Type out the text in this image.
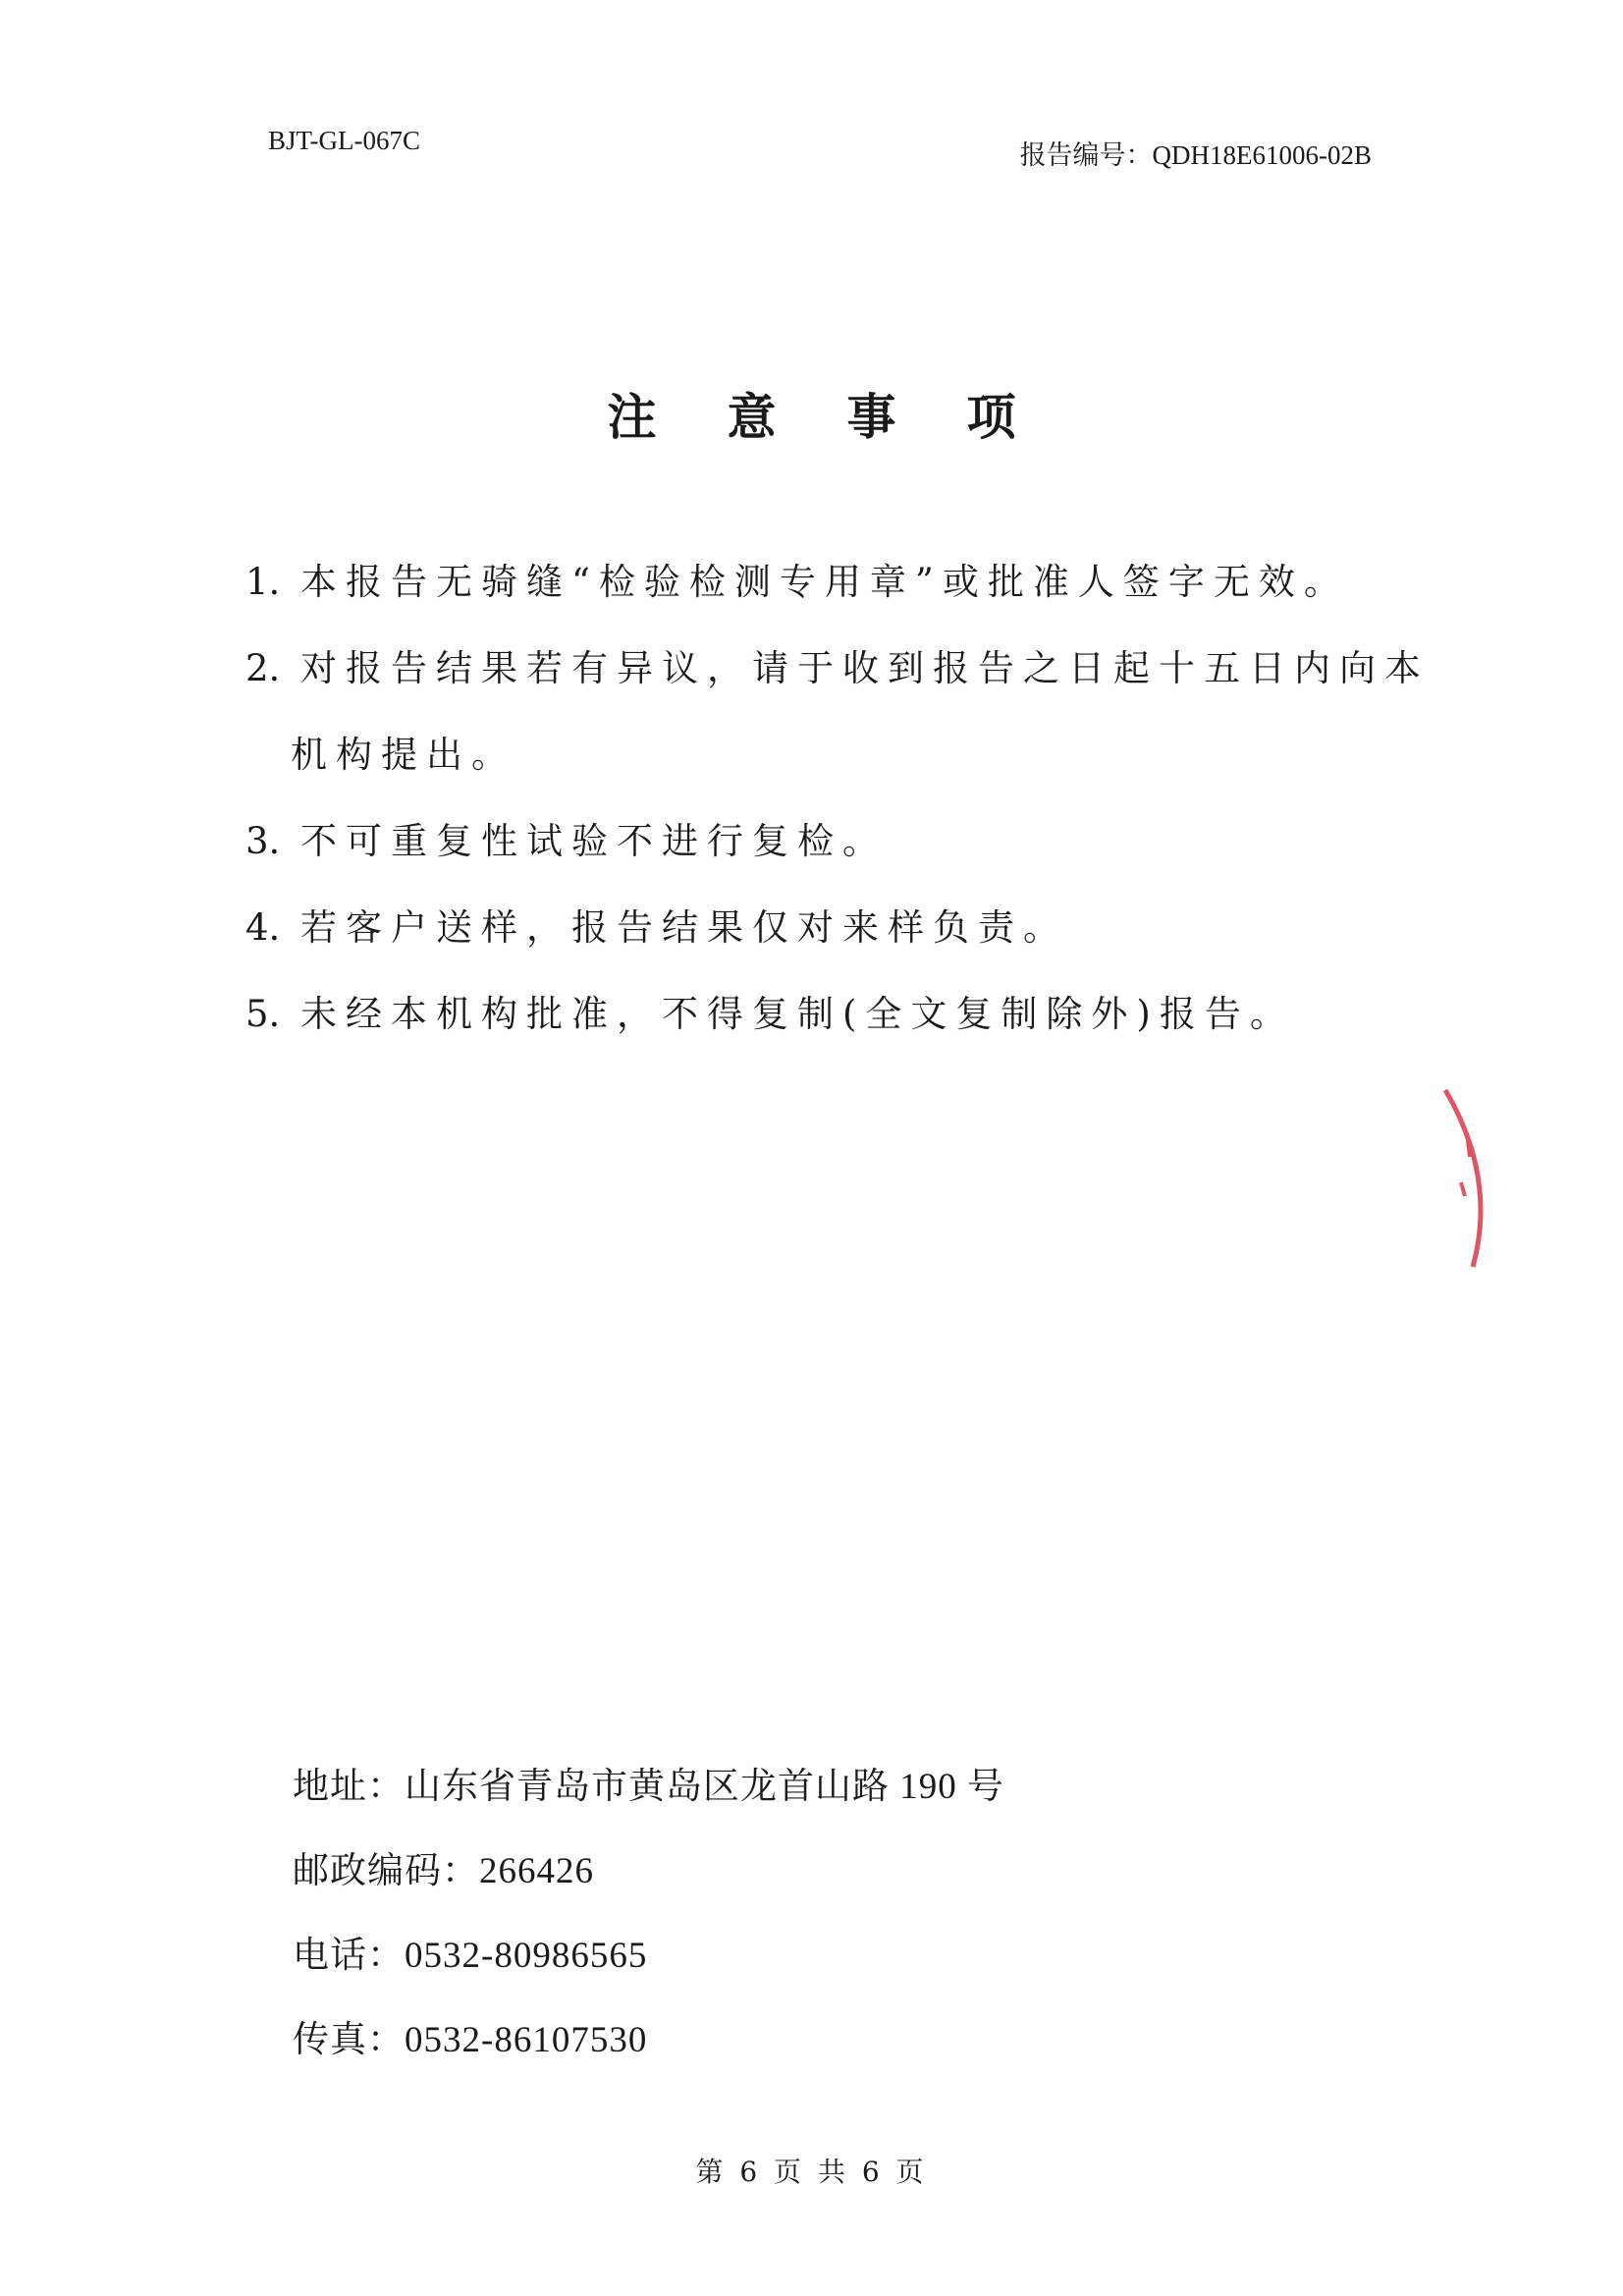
BJT-GL-067C	报告编号：QDH18E61006-02B
注意事项
1. 本报告无骑缝“检验检测专用章”或批准人签字无效。
2. 对报告结果若有异议，请于收到报告之日起十五日内向本
机构提出。
3. 不可重复性试验不进行复检。
4. 若客户送样，报告结果仅对来样负责。
5. 未经本机构批准，不得复制(全文复制除外)报告。
地址：山东省青岛市黄岛区龙首山路 190 号
邮政编码：266426
电话：0532-80986565
传真：0532-86107530
第 6 页 共 6 页
